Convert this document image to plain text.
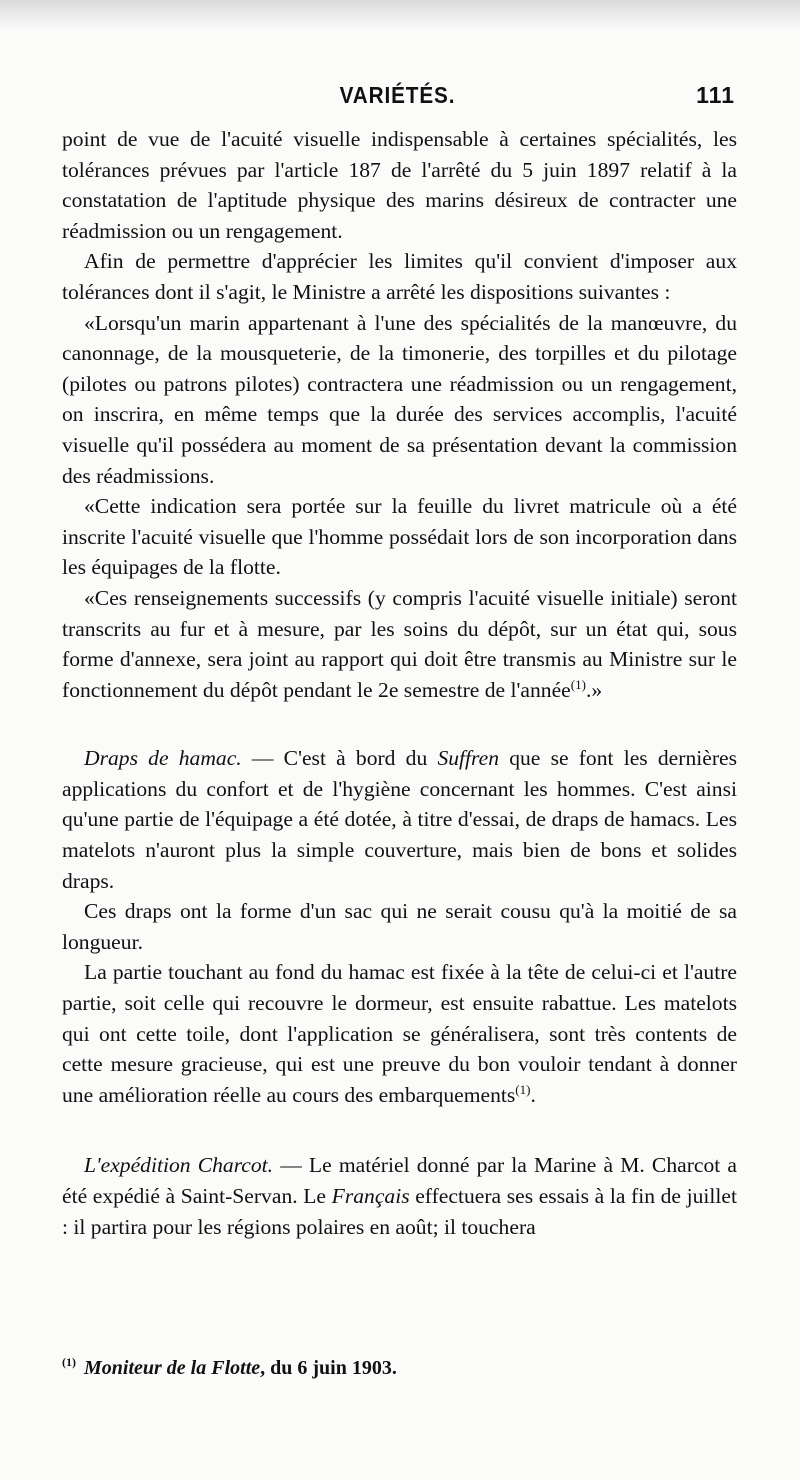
VARIÉTÉS.	111

point de vue de l'acuité visuelle indispensable à certaines spécialités, les tolérances prévues par l'article 187 de l'arrêté du 5 juin 1897 relatif à la constatation de l'aptitude physique des marins désireux de contracter une réadmission ou un rengagement.

Afin de permettre d'apprécier les limites qu'il convient d'imposer aux tolérances dont il s'agit, le Ministre a arrêté les dispositions suivantes :

«Lorsqu'un marin appartenant à l'une des spécialités de la manœuvre, du canonnage, de la mousqueterie, de la timonerie, des torpilles et du pilotage (pilotes ou patrons pilotes) contractera une réadmission ou un rengagement, on inscrira, en même temps que la durée des services accomplis, l'acuité visuelle qu'il possédera au moment de sa présentation devant la commission des réadmissions.

«Cette indication sera portée sur la feuille du livret matricule où a été inscrite l'acuité visuelle que l'homme possédait lors de son incorporation dans les équipages de la flotte.

«Ces renseignements successifs (y compris l'acuité visuelle initiale) seront transcrits au fur et à mesure, par les soins du dépôt, sur un état qui, sous forme d'annexe, sera joint au rapport qui doit être transmis au Ministre sur le fonctionnement du dépôt pendant le 2e semestre de l'année$^{(1)}$.»

Draps de hamac. — C'est à bord du Suffren que se font les dernières applications du confort et de l'hygiène concernant les hommes. C'est ainsi qu'une partie de l'équipage a été dotée, à titre d'essai, de draps de hamacs. Les matelots n'auront plus la simple couverture, mais bien de bons et solides draps.

Ces draps ont la forme d'un sac qui ne serait cousu qu'à la moitié de sa longueur.

La partie touchant au fond du hamac est fixée à la tête de celui-ci et l'autre partie, soit celle qui recouvre le dormeur, est ensuite rabattue. Les matelots qui ont cette toile, dont l'application se généralisera, sont très contents de cette mesure gracieuse, qui est une preuve du bon vouloir tendant à donner une amélioration réelle au cours des embarquements$^{(1)}$.

L'expédition Charcot. — Le matériel donné par la Marine à M. Charcot a été expédié à Saint-Servan. Le Français effectuera ses essais à la fin de juillet : il partira pour les régions polaires en août; il touchera

$^{(1)}$ Moniteur de la Flotte, du 6 juin 1903.
